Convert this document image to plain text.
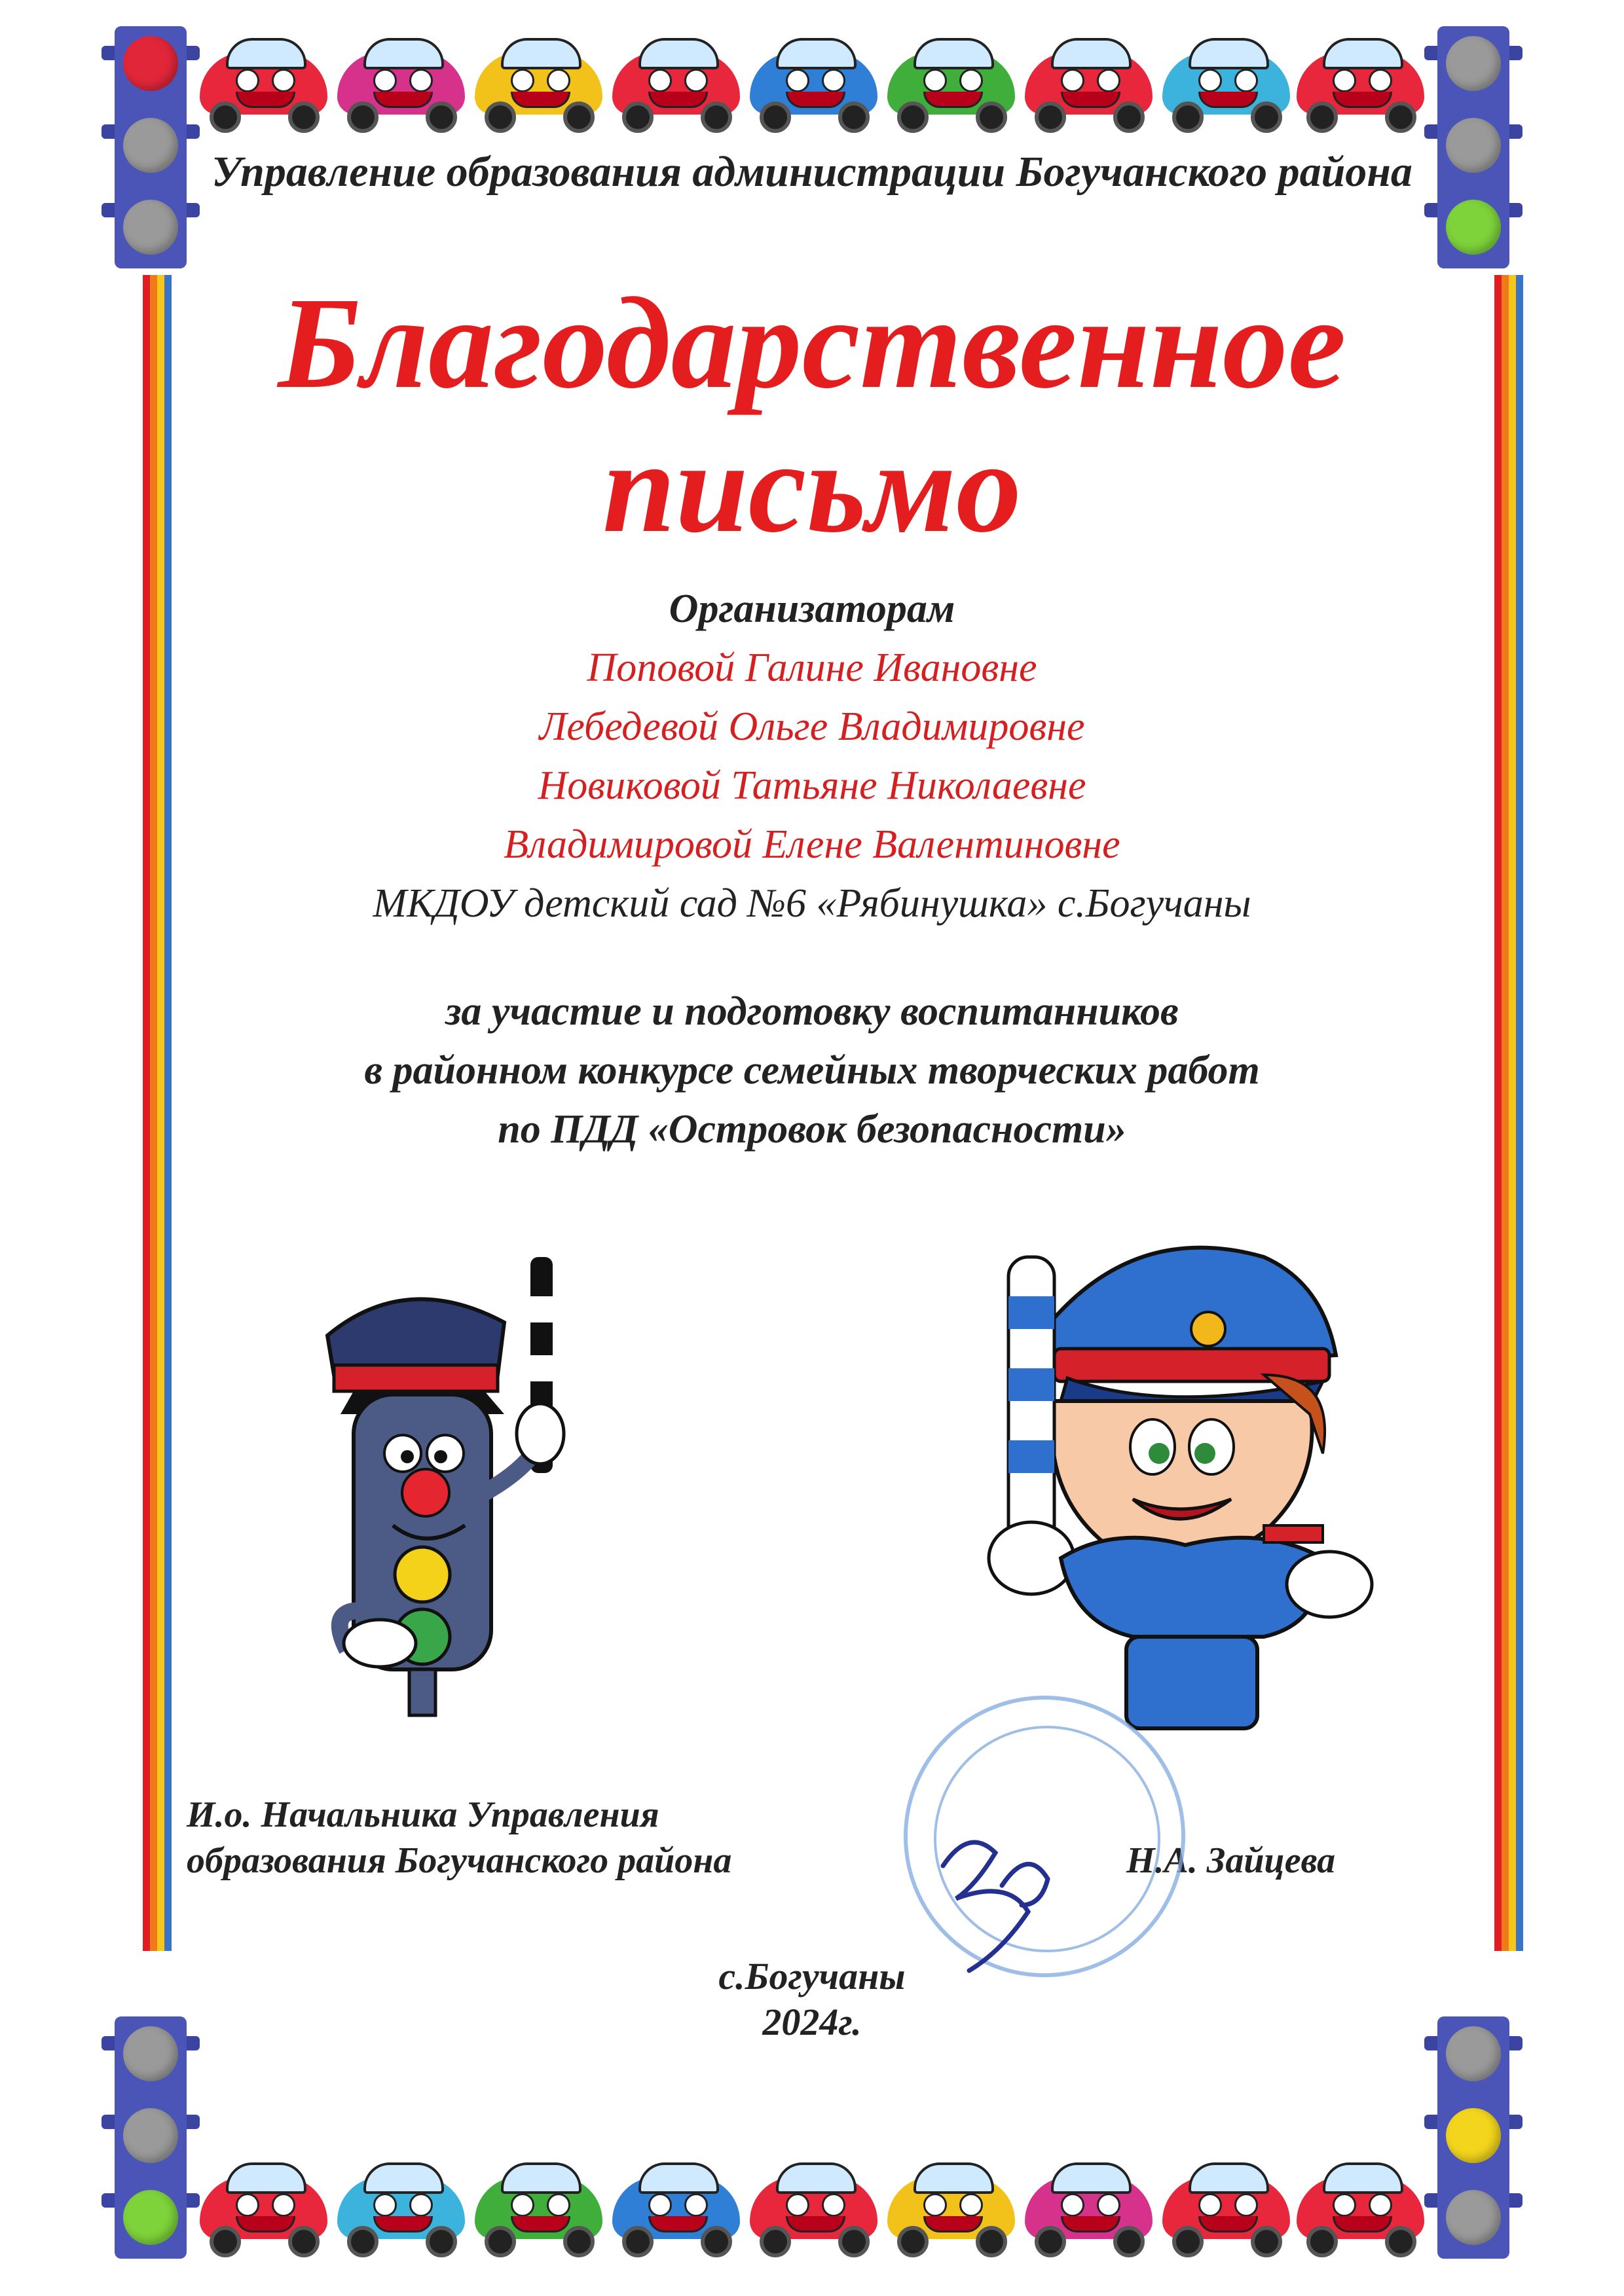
Управление образования администрации Богучанского района
Благодарственное
письмо
Организаторам
Поповой Галине Ивановне
Лебедевой Ольге Владимировне
Новиковой Татьяне Николаевне
Владимировой Елене Валентиновне
МКДОУ детский сад №6 «Рябинушка» с.Богучаны
за участие и подготовку воспитанников
в районном конкурсе семейных творческих работ
по ПДД «Островок безопасности»
И.о. Начальника Управления
образования Богучанского района	Н.А. Зайцева
с.Богучаны
2024г.
